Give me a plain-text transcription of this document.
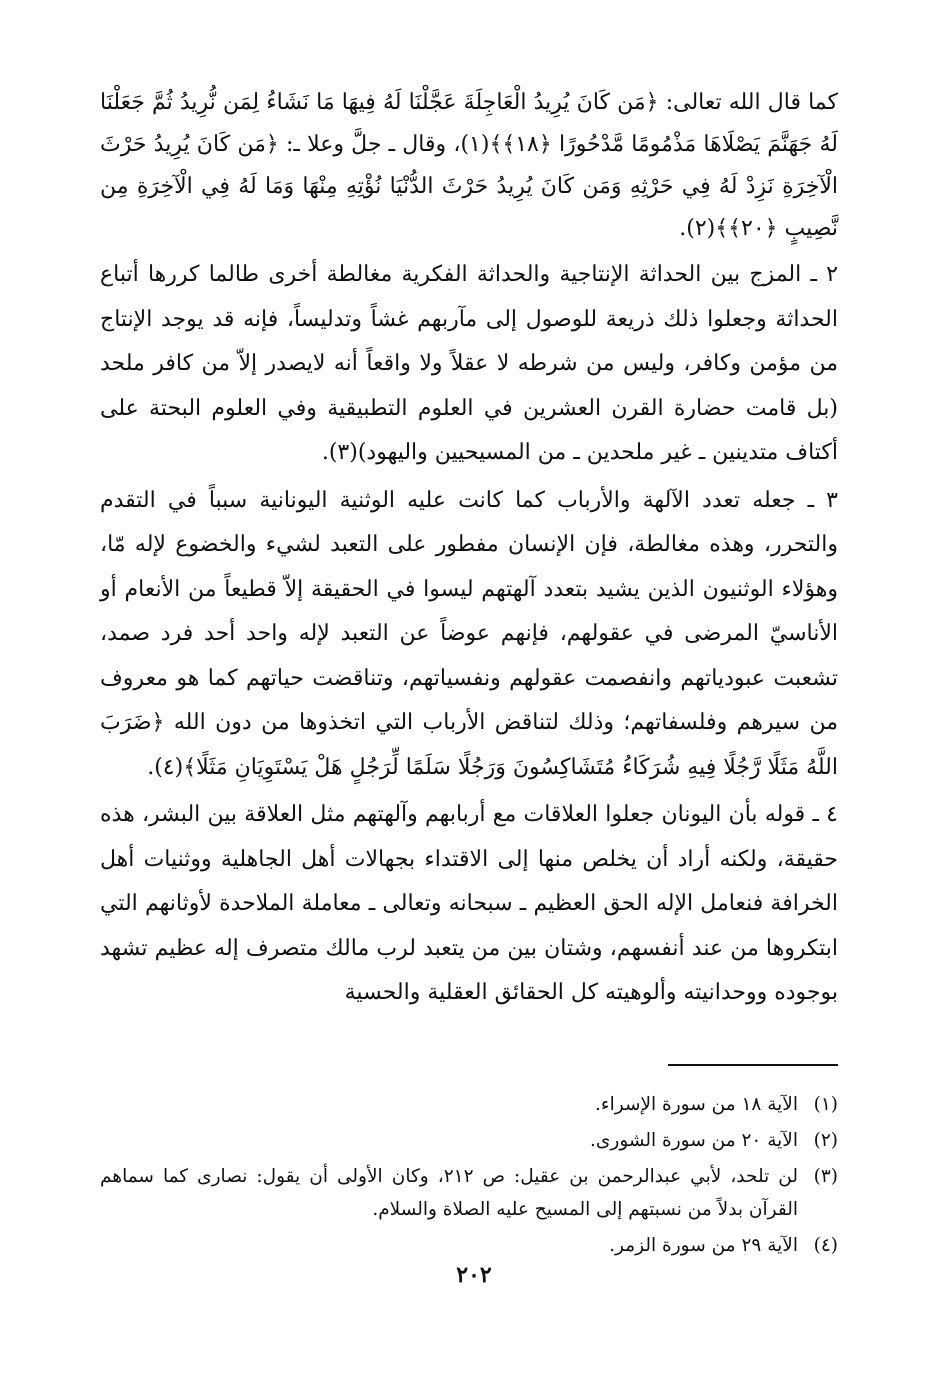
كما قال الله تعالى: ﴿مَن كَانَ يُرِيدُ الْعَاجِلَةَ عَجَّلْنَا لَهُ فِيهَا مَا نَشَاءُ لِمَن نُّرِيدُ ثُمَّ جَعَلْنَا لَهُ جَهَنَّمَ يَصْلَاهَا مَذْمُومًا مَّدْحُورًا ﴿١٨﴾﴾(١)، وقال ـ جلَّ وعلا ـ: ﴿مَن كَانَ يُرِيدُ حَرْثَ الْآخِرَةِ نَزِدْ لَهُ فِي حَرْثِهِ وَمَن كَانَ يُرِيدُ حَرْثَ الدُّنْيَا نُؤْتِهِ مِنْهَا وَمَا لَهُ فِي الْآخِرَةِ مِن نَّصِيبٍ ﴿٢٠﴾﴾(٢).

٢ ـ المزج بين الحداثة الإنتاجية والحداثة الفكرية مغالطة أخرى طالما كررها أتباع الحداثة وجعلوا ذلك ذريعة للوصول إلى مآربهم غشاً وتدليساً، فإنه قد يوجد الإنتاج من مؤمن وكافر، وليس من شرطه لا عقلاً ولا واقعاً أنه لايصدر إلاّ من كافر ملحد (بل قامت حضارة القرن العشرين في العلوم التطبيقية وفي العلوم البحتة على أكتاف متدينين ـ غير ملحدين ـ من المسيحيين واليهود)(٣).

٣ ـ جعله تعدد الآلهة والأرباب كما كانت عليه الوثنية اليونانية سبباً في التقدم والتحرر، وهذه مغالطة، فإن الإنسان مفطور على التعبد لشيء والخضوع لإله مّا، وهؤلاء الوثنيون الذين يشيد بتعدد آلهتهم ليسوا في الحقيقة إلاّ قطيعاً من الأنعام أو الأناسيّ المرضى في عقولهم، فإنهم عوضاً عن التعبد لإله واحد أحد فرد صمد، تشعبت عبودياتهم وانفصمت عقولهم ونفسياتهم، وتناقضت حياتهم كما هو معروف من سيرهم وفلسفاتهم؛ وذلك لتناقض الأرباب التي اتخذوها من دون الله ﴿ضَرَبَ اللَّهُ مَثَلًا رَّجُلًا فِيهِ شُرَكَاءُ مُتَشَاكِسُونَ وَرَجُلًا سَلَمًا لِّرَجُلٍ هَلْ يَسْتَوِيَانِ مَثَلًا﴾(٤).

٤ ـ قوله بأن اليونان جعلوا العلاقات مع أربابهم وآلهتهم مثل العلاقة بين البشر، هذه حقيقة، ولكنه أراد أن يخلص منها إلى الاقتداء بجهالات أهل الجاهلية ووثنيات أهل الخرافة فنعامل الإله الحق العظيم ـ سبحانه وتعالى ـ معاملة الملاحدة لأوثانهم التي ابتكروها من عند أنفسهم، وشتان بين من يتعبد لرب مالك متصرف إله عظيم تشهد بوجوده ووحدانيته وألوهيته كل الحقائق العقلية والحسية

(١)
الآية ١٨ من سورة الإسراء.
(٢)
الآية ٢٠ من سورة الشورى.
(٣)
لن تلحد، لأبي عبدالرحمن بن عقيل: ص ٢١٢، وكان الأولى أن يقول: نصارى كما سماهم القرآن بدلاً من نسبتهم إلى المسيح عليه الصلاة والسلام.
(٤)
الآية ٢٩ من سورة الزمر.
٢٠٢
